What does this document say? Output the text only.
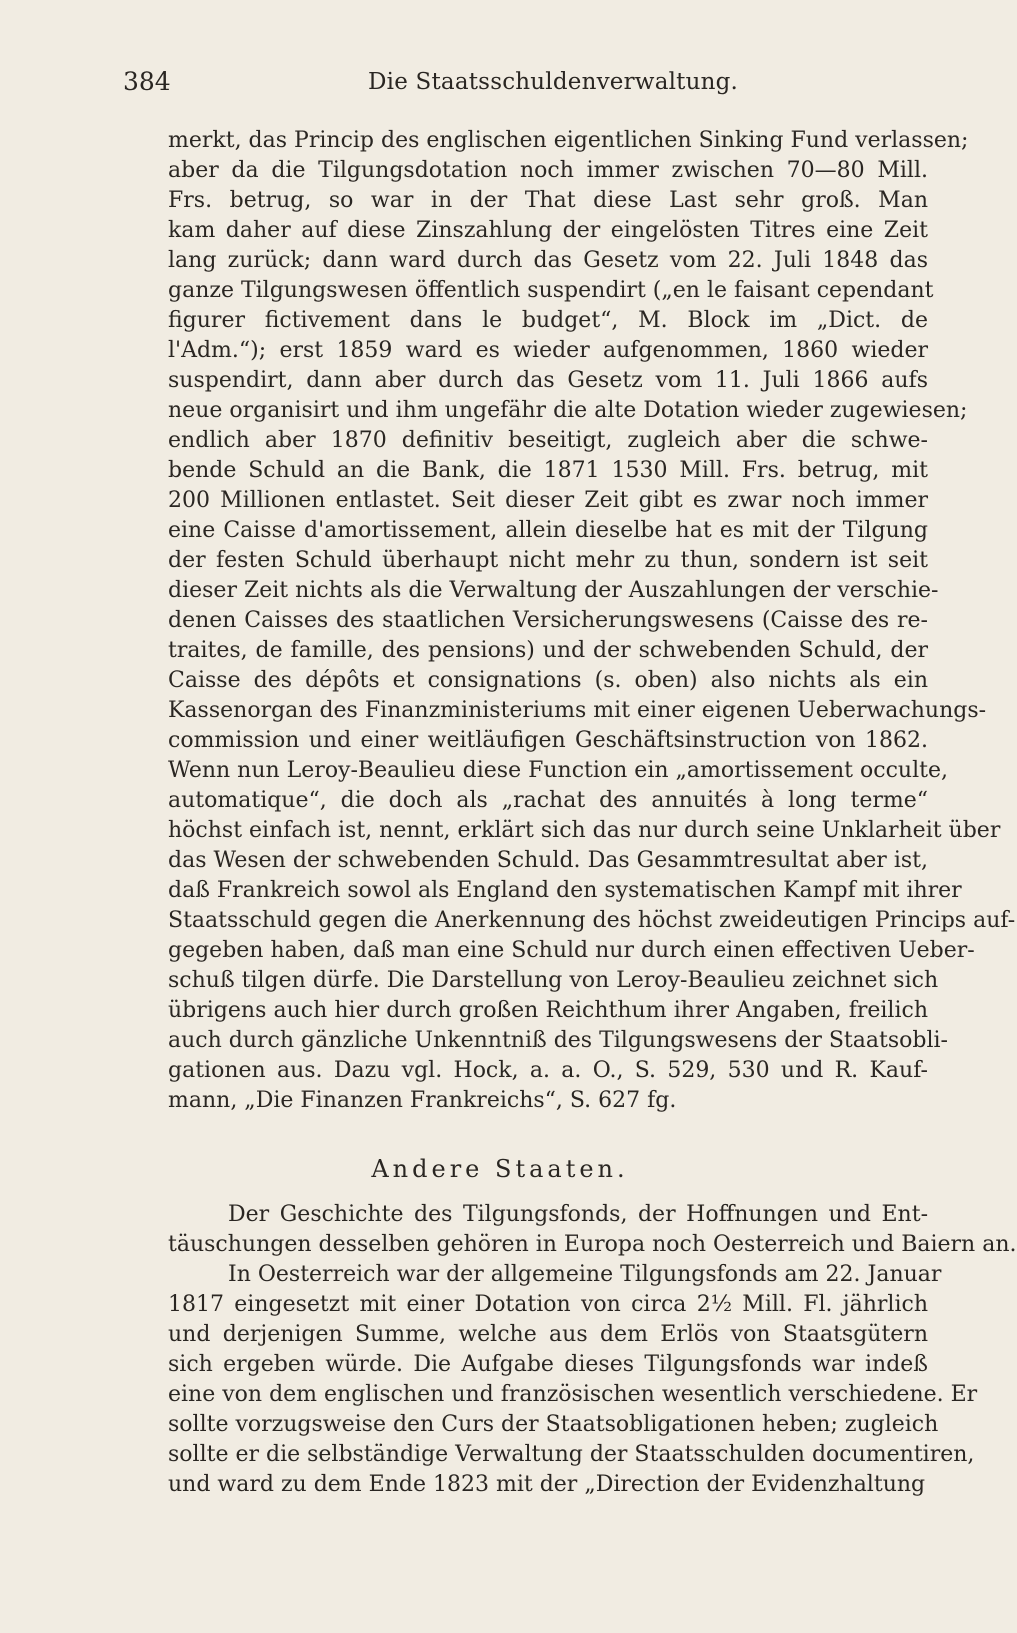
384	Die Staatsschuldenverwaltung.
merkt, das Princip des englischen eigentlichen Sinking Fund verlassen;
aber da die Tilgungsdotation noch immer zwischen 70—80 Mill.
Frs. betrug, so war in der That diese Last sehr groß. Man
kam daher auf diese Zinszahlung der eingelösten Titres eine Zeit
lang zurück; dann ward durch das Gesetz vom 22. Juli 1848 das
ganze Tilgungswesen öffentlich suspendirt („en le faisant cependant
figurer fictivement dans le budget“, M. Block im „Dict. de
l'Adm.“); erst 1859 ward es wieder aufgenommen, 1860 wieder
suspendirt, dann aber durch das Gesetz vom 11. Juli 1866 aufs
neue organisirt und ihm ungefähr die alte Dotation wieder zugewiesen;
endlich aber 1870 definitiv beseitigt, zugleich aber die schwe-
bende Schuld an die Bank, die 1871 1530 Mill. Frs. betrug, mit
200 Millionen entlastet. Seit dieser Zeit gibt es zwar noch immer
eine Caisse d'amortissement, allein dieselbe hat es mit der Tilgung
der festen Schuld überhaupt nicht mehr zu thun, sondern ist seit
dieser Zeit nichts als die Verwaltung der Auszahlungen der verschie-
denen Caisses des staatlichen Versicherungswesens (Caisse des re-
traites, de famille, des pensions) und der schwebenden Schuld, der
Caisse des dépôts et consignations (s. oben) also nichts als ein
Kassenorgan des Finanzministeriums mit einer eigenen Ueberwachungs-
commission und einer weitläufigen Geschäftsinstruction von 1862.
Wenn nun Leroy-Beaulieu diese Function ein „amortissement occulte,
automatique“, die doch als „rachat des annuités à long terme“
höchst einfach ist, nennt, erklärt sich das nur durch seine Unklarheit über
das Wesen der schwebenden Schuld. Das Gesammtresultat aber ist,
daß Frankreich sowol als England den systematischen Kampf mit ihrer
Staatsschuld gegen die Anerkennung des höchst zweideutigen Princips auf-
gegeben haben, daß man eine Schuld nur durch einen effectiven Ueber-
schuß tilgen dürfe. Die Darstellung von Leroy-Beaulieu zeichnet sich
übrigens auch hier durch großen Reichthum ihrer Angaben, freilich
auch durch gänzliche Unkenntniß des Tilgungswesens der Staatsobli-
gationen aus. Dazu vgl. Hock, a. a. O., S. 529, 530 und R. Kauf-
mann, „Die Finanzen Frankreichs“, S. 627 fg.
Andere Staaten.
Der Geschichte des Tilgungsfonds, der Hoffnungen und Ent-
täuschungen desselben gehören in Europa noch Oesterreich und Baiern an.
In Oesterreich war der allgemeine Tilgungsfonds am 22. Januar
1817 eingesetzt mit einer Dotation von circa 2½ Mill. Fl. jährlich
und derjenigen Summe, welche aus dem Erlös von Staatsgütern
sich ergeben würde. Die Aufgabe dieses Tilgungsfonds war indeß
eine von dem englischen und französischen wesentlich verschiedene. Er
sollte vorzugsweise den Curs der Staatsobligationen heben; zugleich
sollte er die selbständige Verwaltung der Staatsschulden documentiren,
und ward zu dem Ende 1823 mit der „Direction der Evidenzhaltung
